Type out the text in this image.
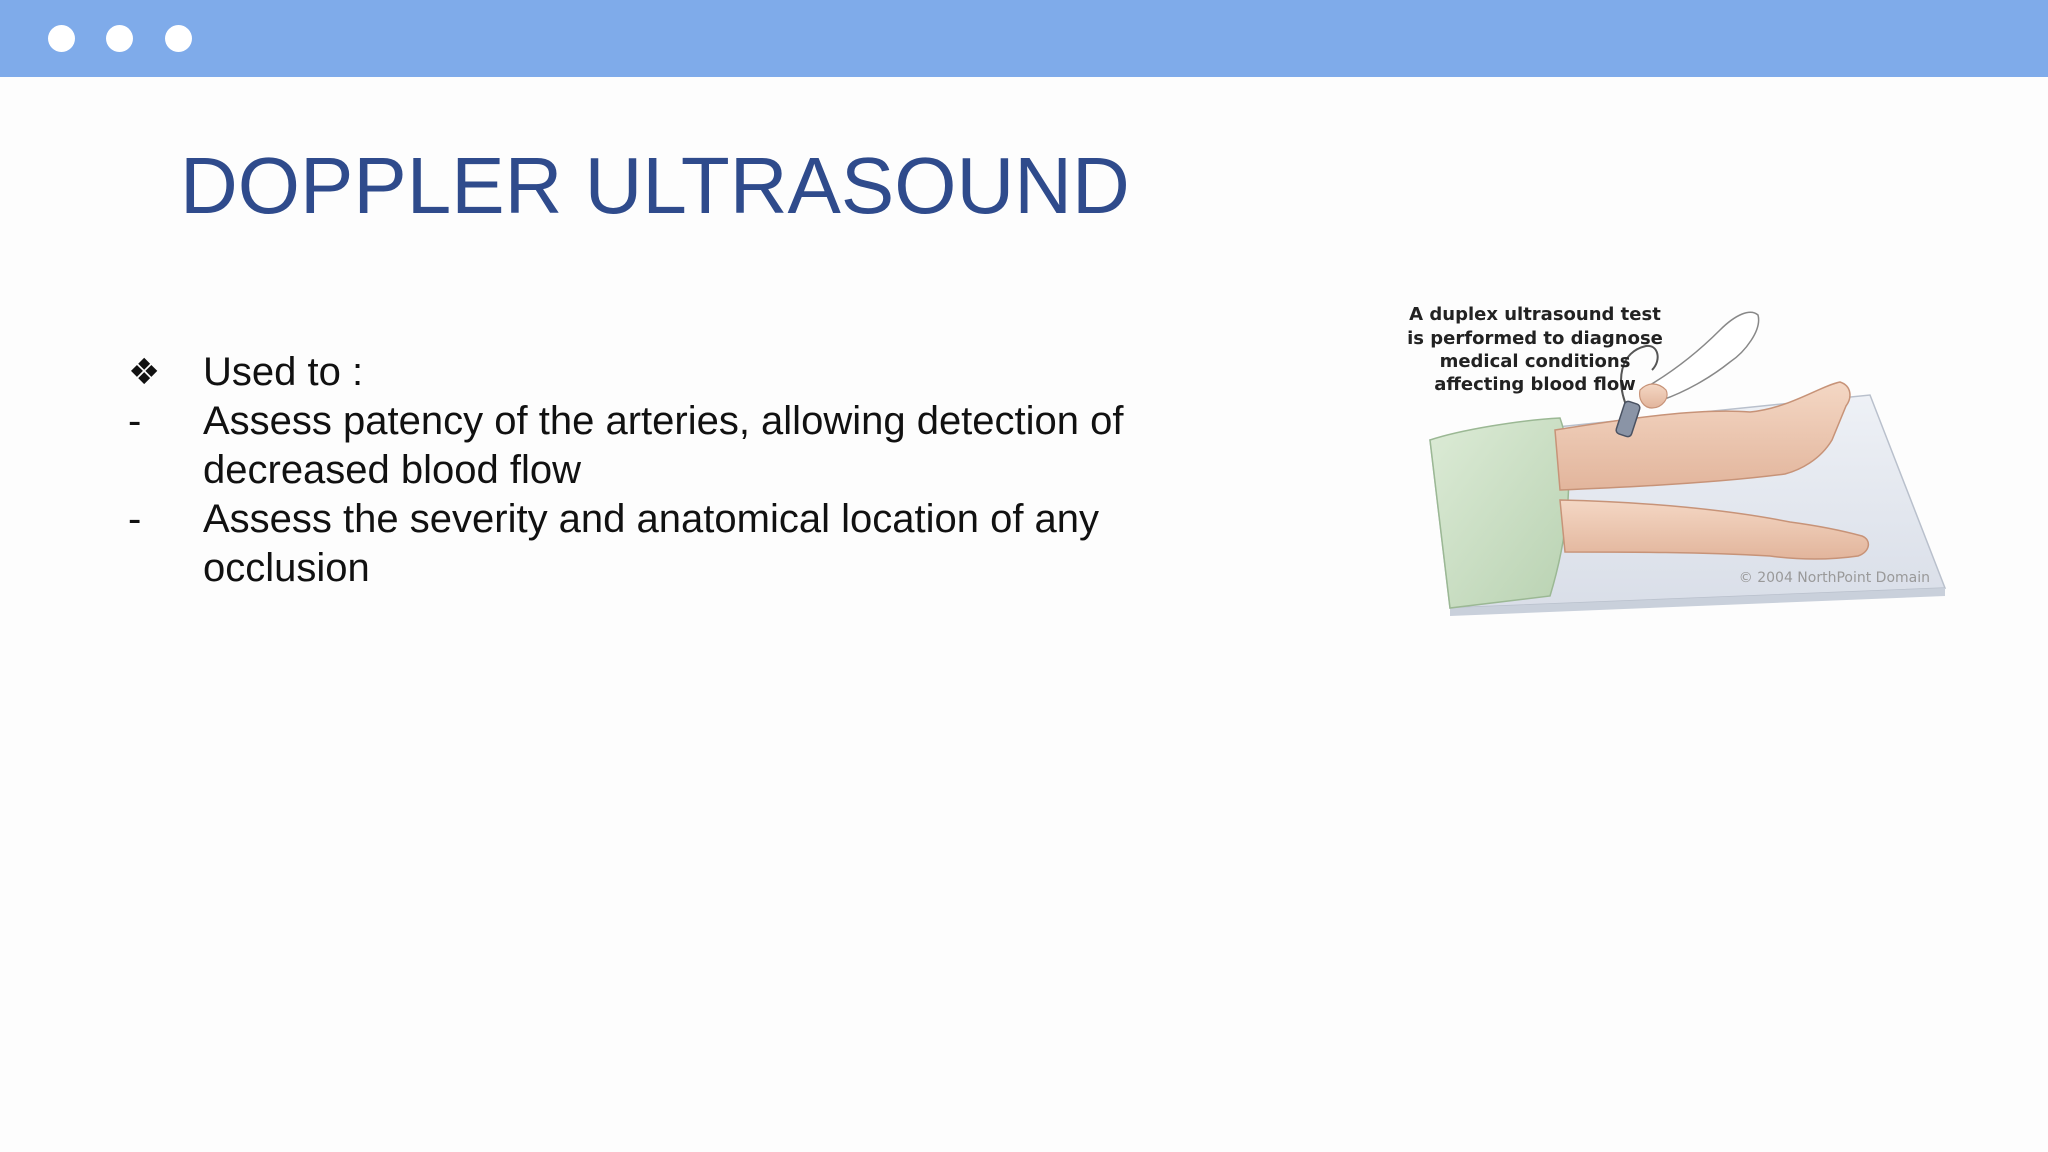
DOPPLER ULTRASOUND
❖ Used to :
- Assess patency of the arteries, allowing detection of
decreased blood flow
- Assess the severity and anatomical location of any
occlusion
A duplex ultrasound test
is performed to diagnose
medical conditions
affecting blood flow
© 2004 NorthPoint Domain
